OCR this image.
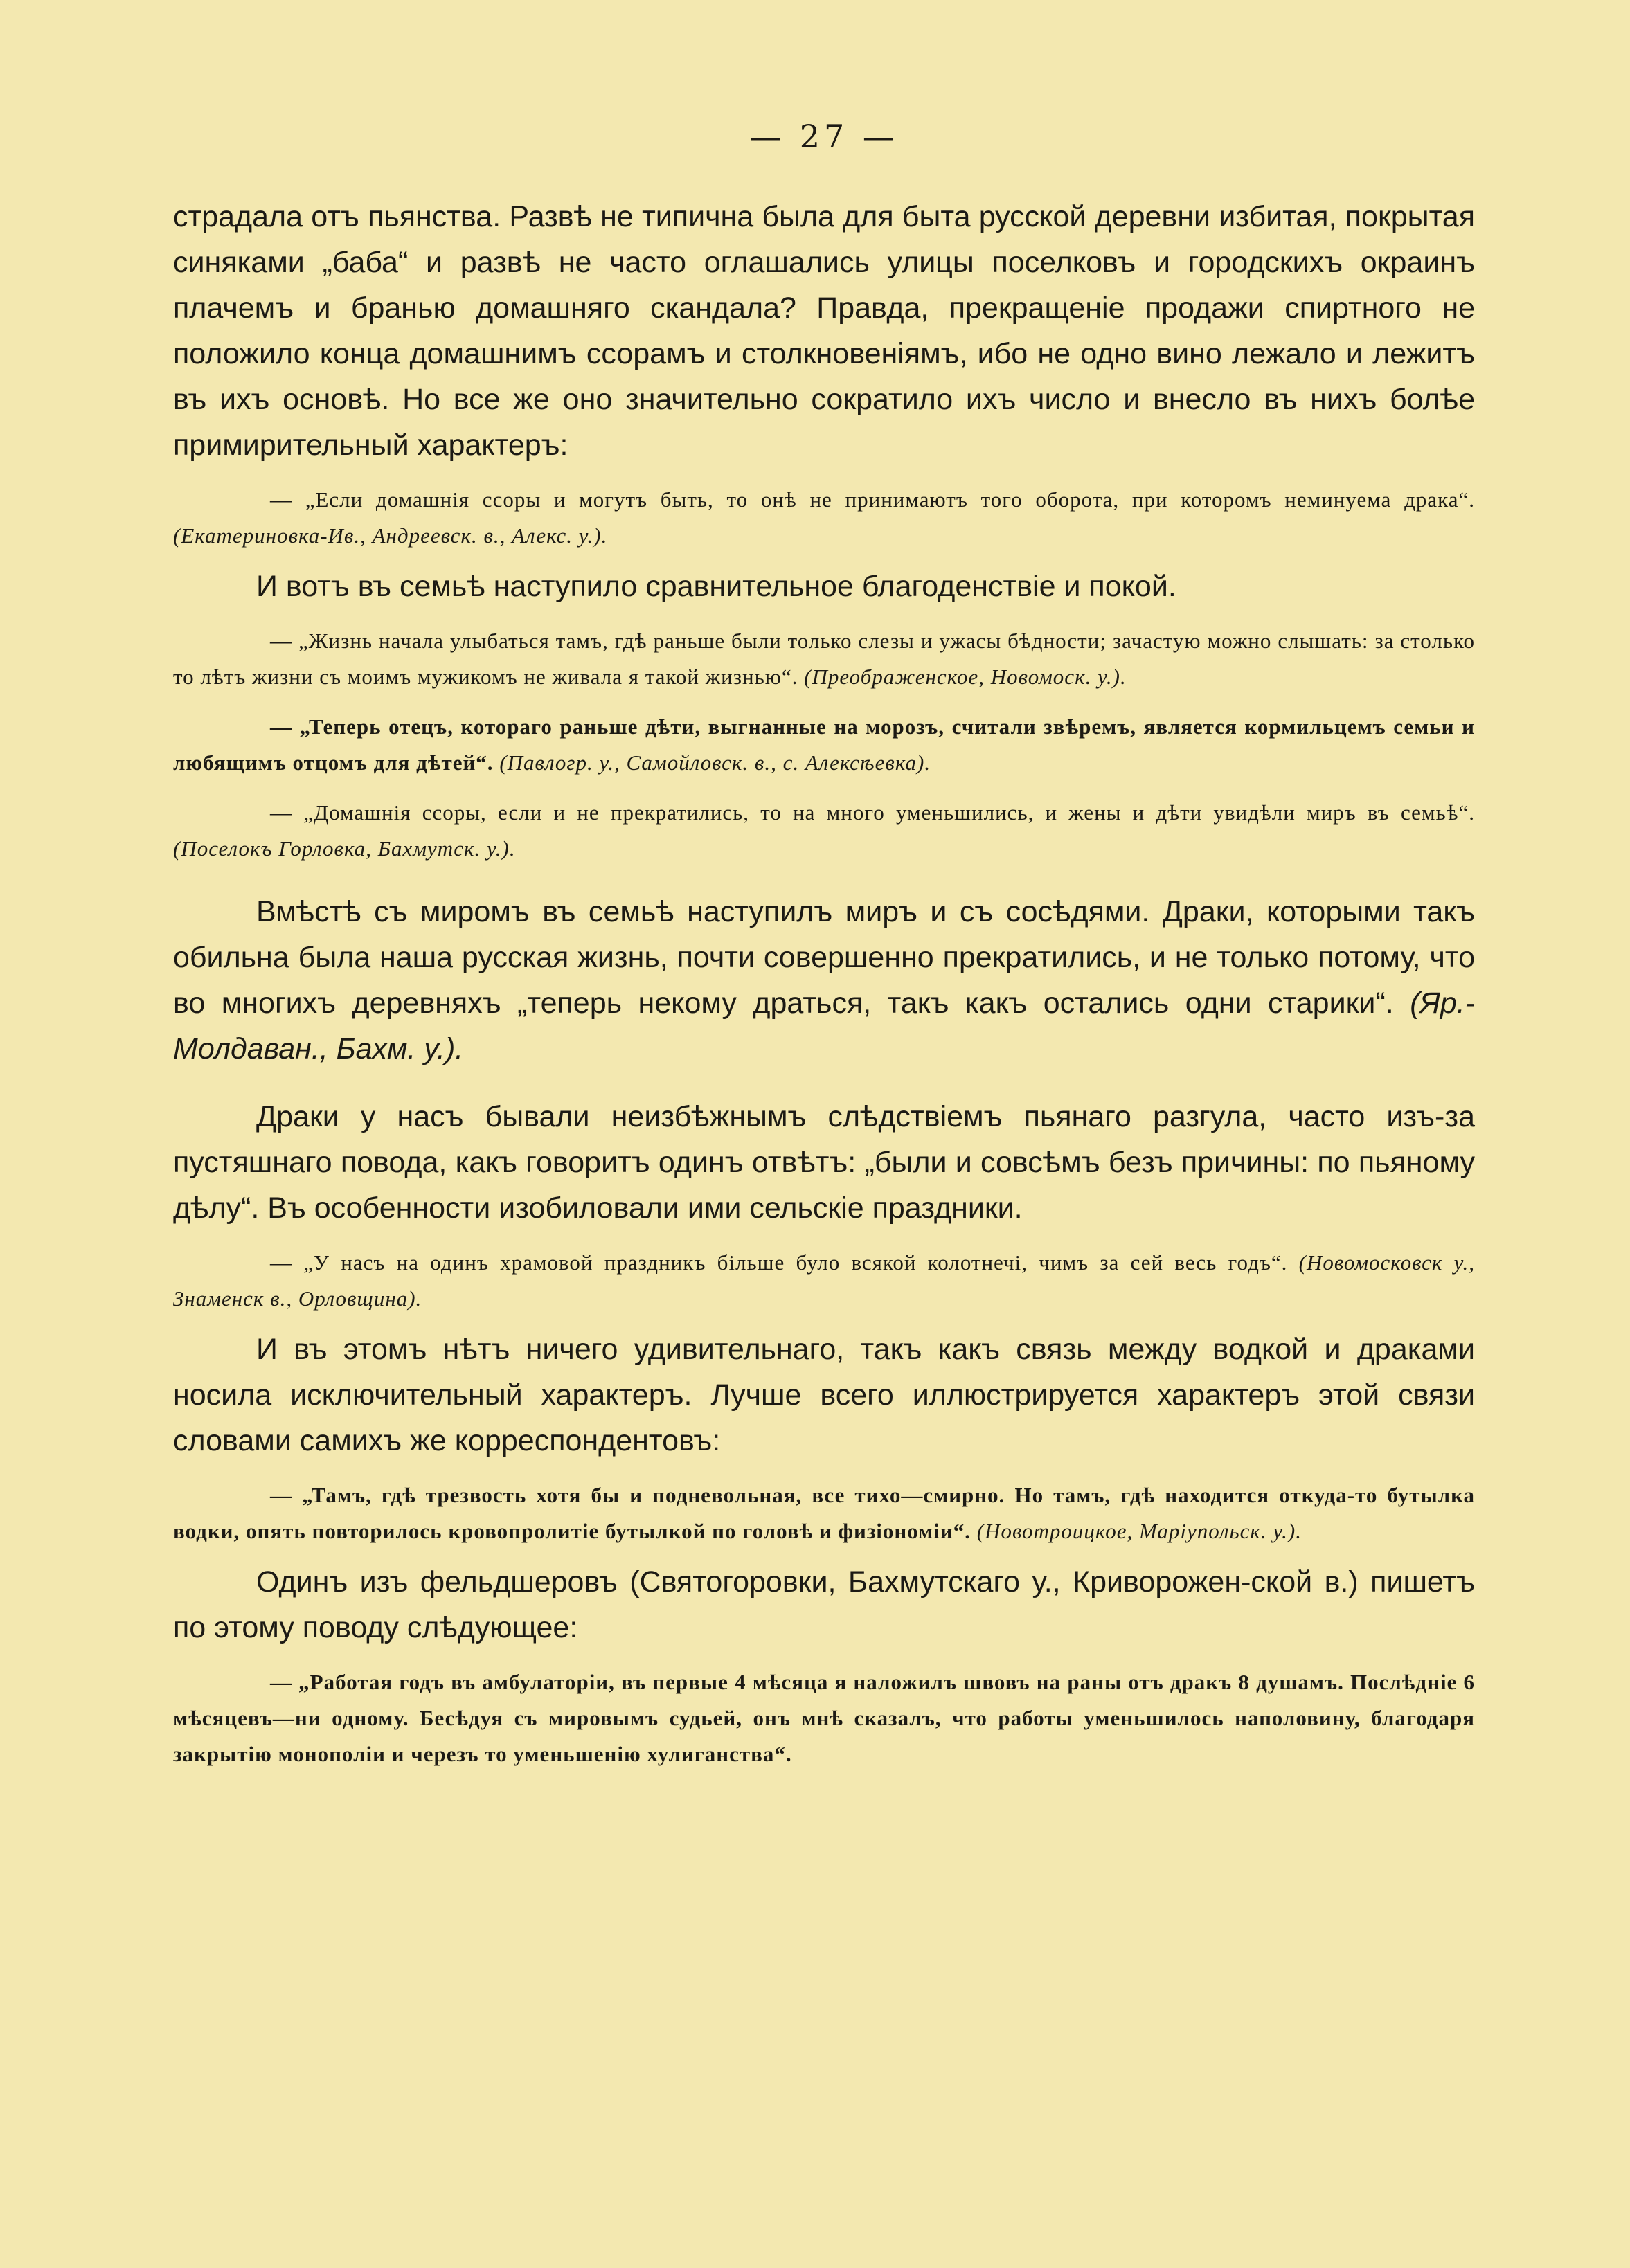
— 27 —

страдала отъ пьянства. Развѣ не типична была для быта русской деревни избитая, покрытая синяками „баба“ и развѣ не часто оглашались улицы поселковъ и городскихъ окраинъ плачемъ и бранью домашняго скандала? Правда, прекращеніе продажи спиртного не положило конца домашнимъ ссорамъ и столкновеніямъ, ибо не одно вино лежало и лежитъ въ ихъ основѣ. Но все же оно значительно сократило ихъ число и внесло въ нихъ болѣе примирительный характеръ:

— „Если домашнія ссоры и могутъ быть, то онѣ не принимаютъ того оборота, при которомъ неминуема драка“. (Екатериновка-Ив., Андреевск. в., Алекс. у.).

И вотъ въ семьѣ наступило сравнительное благоденствіе и покой.

— „Жизнь начала улыбаться тамъ, гдѣ раньше были только слезы и ужасы бѣдности; зачастую можно слышать: за столько то лѣтъ жизни съ моимъ мужикомъ не живала я такой жизнью“. (Преображенское, Новомоск. у.).

— „Теперь отецъ, котораго раньше дѣти, выгнанные на морозъ, считали звѣремъ, является кормильцемъ семьи и любящимъ отцомъ для дѣтей“. (Павлогр. у., Самойловск. в., с. Алексѣевка).

— „Домашнія ссоры, если и не прекратились, то на много уменьшились, и жены и дѣти увидѣли миръ въ семьѣ“. (Поселокъ Горловка, Бахмутск. у.).

Вмѣстѣ съ миромъ въ семьѣ наступилъ миръ и съ сосѣдями. Драки, которыми такъ обильна была наша русская жизнь, почти совершенно прекратились, и не только потому, что во многихъ деревняхъ „теперь некому драться, такъ какъ остались одни старики“. (Яр.-Молдаван., Бахм. у.).

Драки у насъ бывали неизбѣжнымъ слѣдствіемъ пьянаго разгула, часто изъ-за пустяшнаго повода, какъ говоритъ одинъ отвѣтъ: „были и совсѣмъ безъ причины: по пьяному дѣлу“. Въ особенности изобиловали ими сельскіе праздники.

— „У насъ на одинъ храмовой праздникъ більше було всякой колотнечі, чимъ за сей весь годъ“. (Новомосковск у., Знаменск в., Орловщина).

И въ этомъ нѣтъ ничего удивительнаго, такъ какъ связь между водкой и драками носила исключительный характеръ. Лучше всего иллюстрируется характеръ этой связи словами самихъ же корреспондентовъ:

— „Тамъ, гдѣ трезвость хотя бы и подневольная, все тихо—смирно. Но тамъ, гдѣ находится откуда-то бутылка водки, опять повторилось кровопролитіе бутылкой по головѣ и физіономіи“. (Новотроицкое, Маріупольск. у.).

Одинъ изъ фельдшеровъ (Святогоровки, Бахмутскаго у., Криворожен-ской в.) пишетъ по этому поводу слѣдующее:

— „Работая годъ въ амбулаторіи, въ первые 4 мѣсяца я наложилъ швовъ на раны отъ дракъ 8 душамъ. Послѣдніе 6 мѣсяцевъ—ни одному. Бесѣдуя съ мировымъ судьей, онъ мнѣ сказалъ, что работы уменьшилось наполовину, благодаря закрытію монополіи и черезъ то уменьшенію хулиганства“.
